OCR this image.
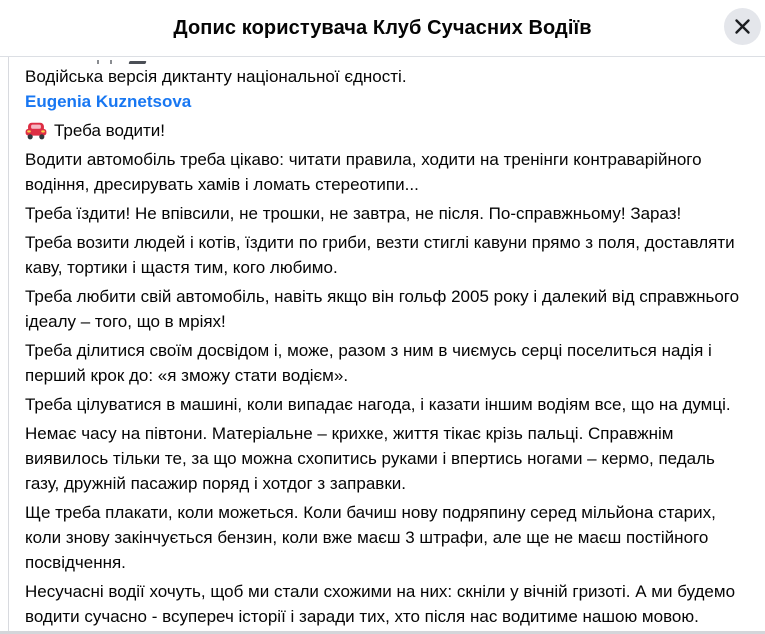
Допис користувача Клуб Сучасних Водіїв
Водійська версія диктанту національної єдності.
Eugenia Kuznetsova
Треба водити!

Водити автомобіль треба цікаво: читати правила, ходити на тренінги контраварійного водіння, дресирувать хамів і ломать стереотипи...

Треба їздити! Не впівсили, не трошки, не завтра, не після. По-справжньому! Зараз!

Треба возити людей і котів, їздити по гриби, везти стиглі кавуни прямо з поля, доставляти каву, тортики і щастя тим, кого любимо.

Треба любити свій автомобіль, навіть якщо він гольф 2005 року і далекий від справжнього ідеалу – того, що в мріях!

Треба ділитися своїм досвідом і, може, разом з ним в чиємусь серці поселиться надія і перший крок до: «я зможу стати водієм».

Треба цілуватися в машині, коли випадає нагода, і казати іншим водіям все, що на думці.

Немає часу на півтони. Матеріальне – крихке, життя тікає крізь пальці. Справжнім виявилось тільки те, за що можна схопитись руками і впертись ногами – кермо, педаль газу, дружній пасажир поряд і хотдог з заправки.

Ще треба плакати, коли можеться. Коли бачиш нову подряпину серед мільйона старих, коли знову закінчується бензин, коли вже маєш 3 штрафи, але ще не маєш постійного посвідчення.

Несучасні водії хочуть, щоб ми стали схожими на них: скніли у вічній гризоті. А ми будемо водити сучасно - всупереч історії і заради тих, хто після нас водитиме нашою мовою.
